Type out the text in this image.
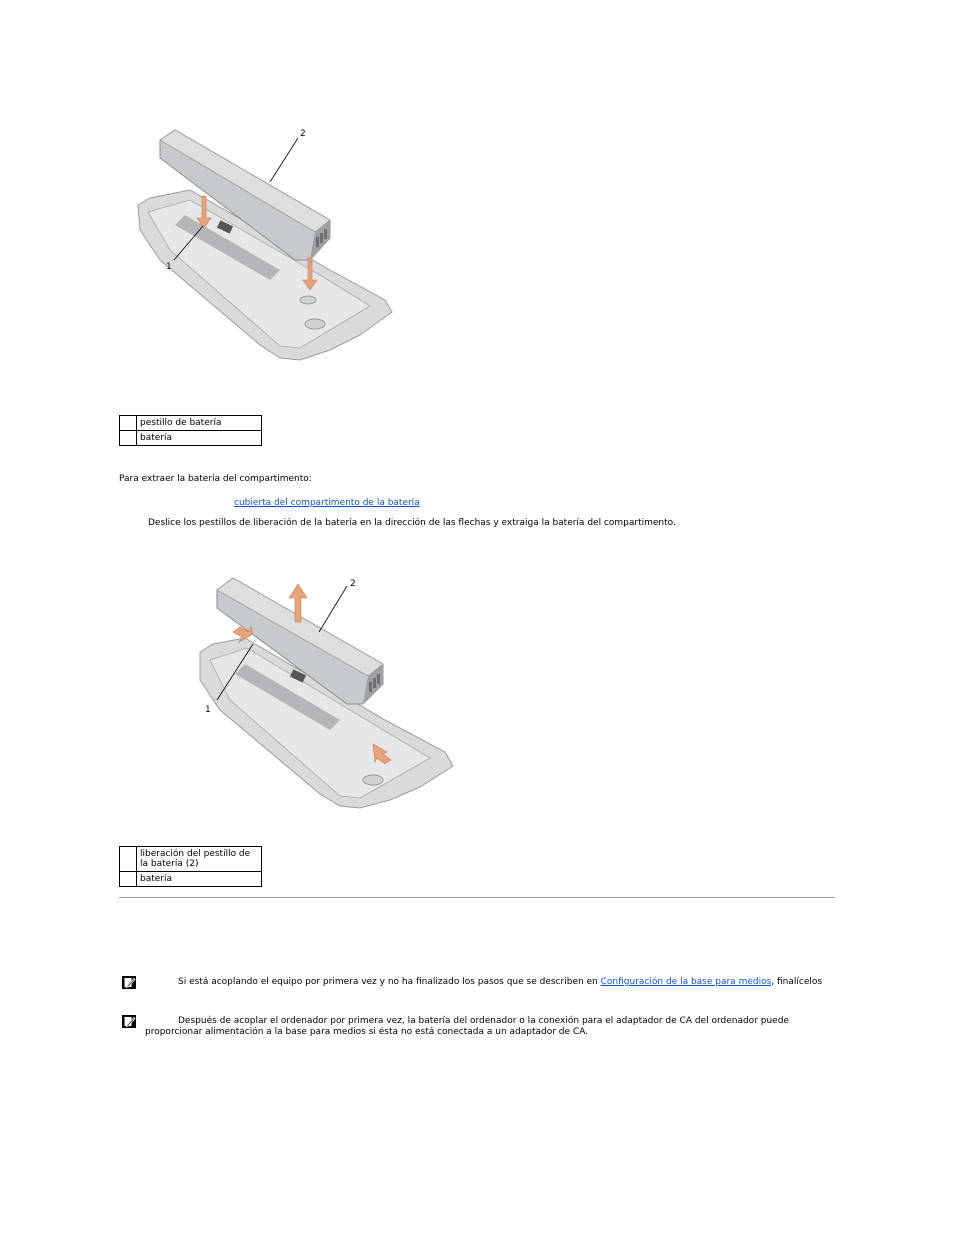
1
2
	pestillo de batería
	batería
Para extraer la batería del compartimento:
cubierta del compartimento de la batería
Deslice los pestillos de liberación de la batería en la dirección de las flechas y extraiga la batería del compartimento.
1
2
	liberación del pestillo de la batería (2)
	batería
Si está acoplando el equipo por primera vez y no ha finalizado los pasos que se describen en Configuración de la base para medios, finalícelos
Después de acoplar el ordenador por primera vez, la batería del ordenador o la conexión para el adaptador de CA del ordenador puede
proporcionar alimentación a la base para medios si ésta no está conectada a un adaptador de CA.
